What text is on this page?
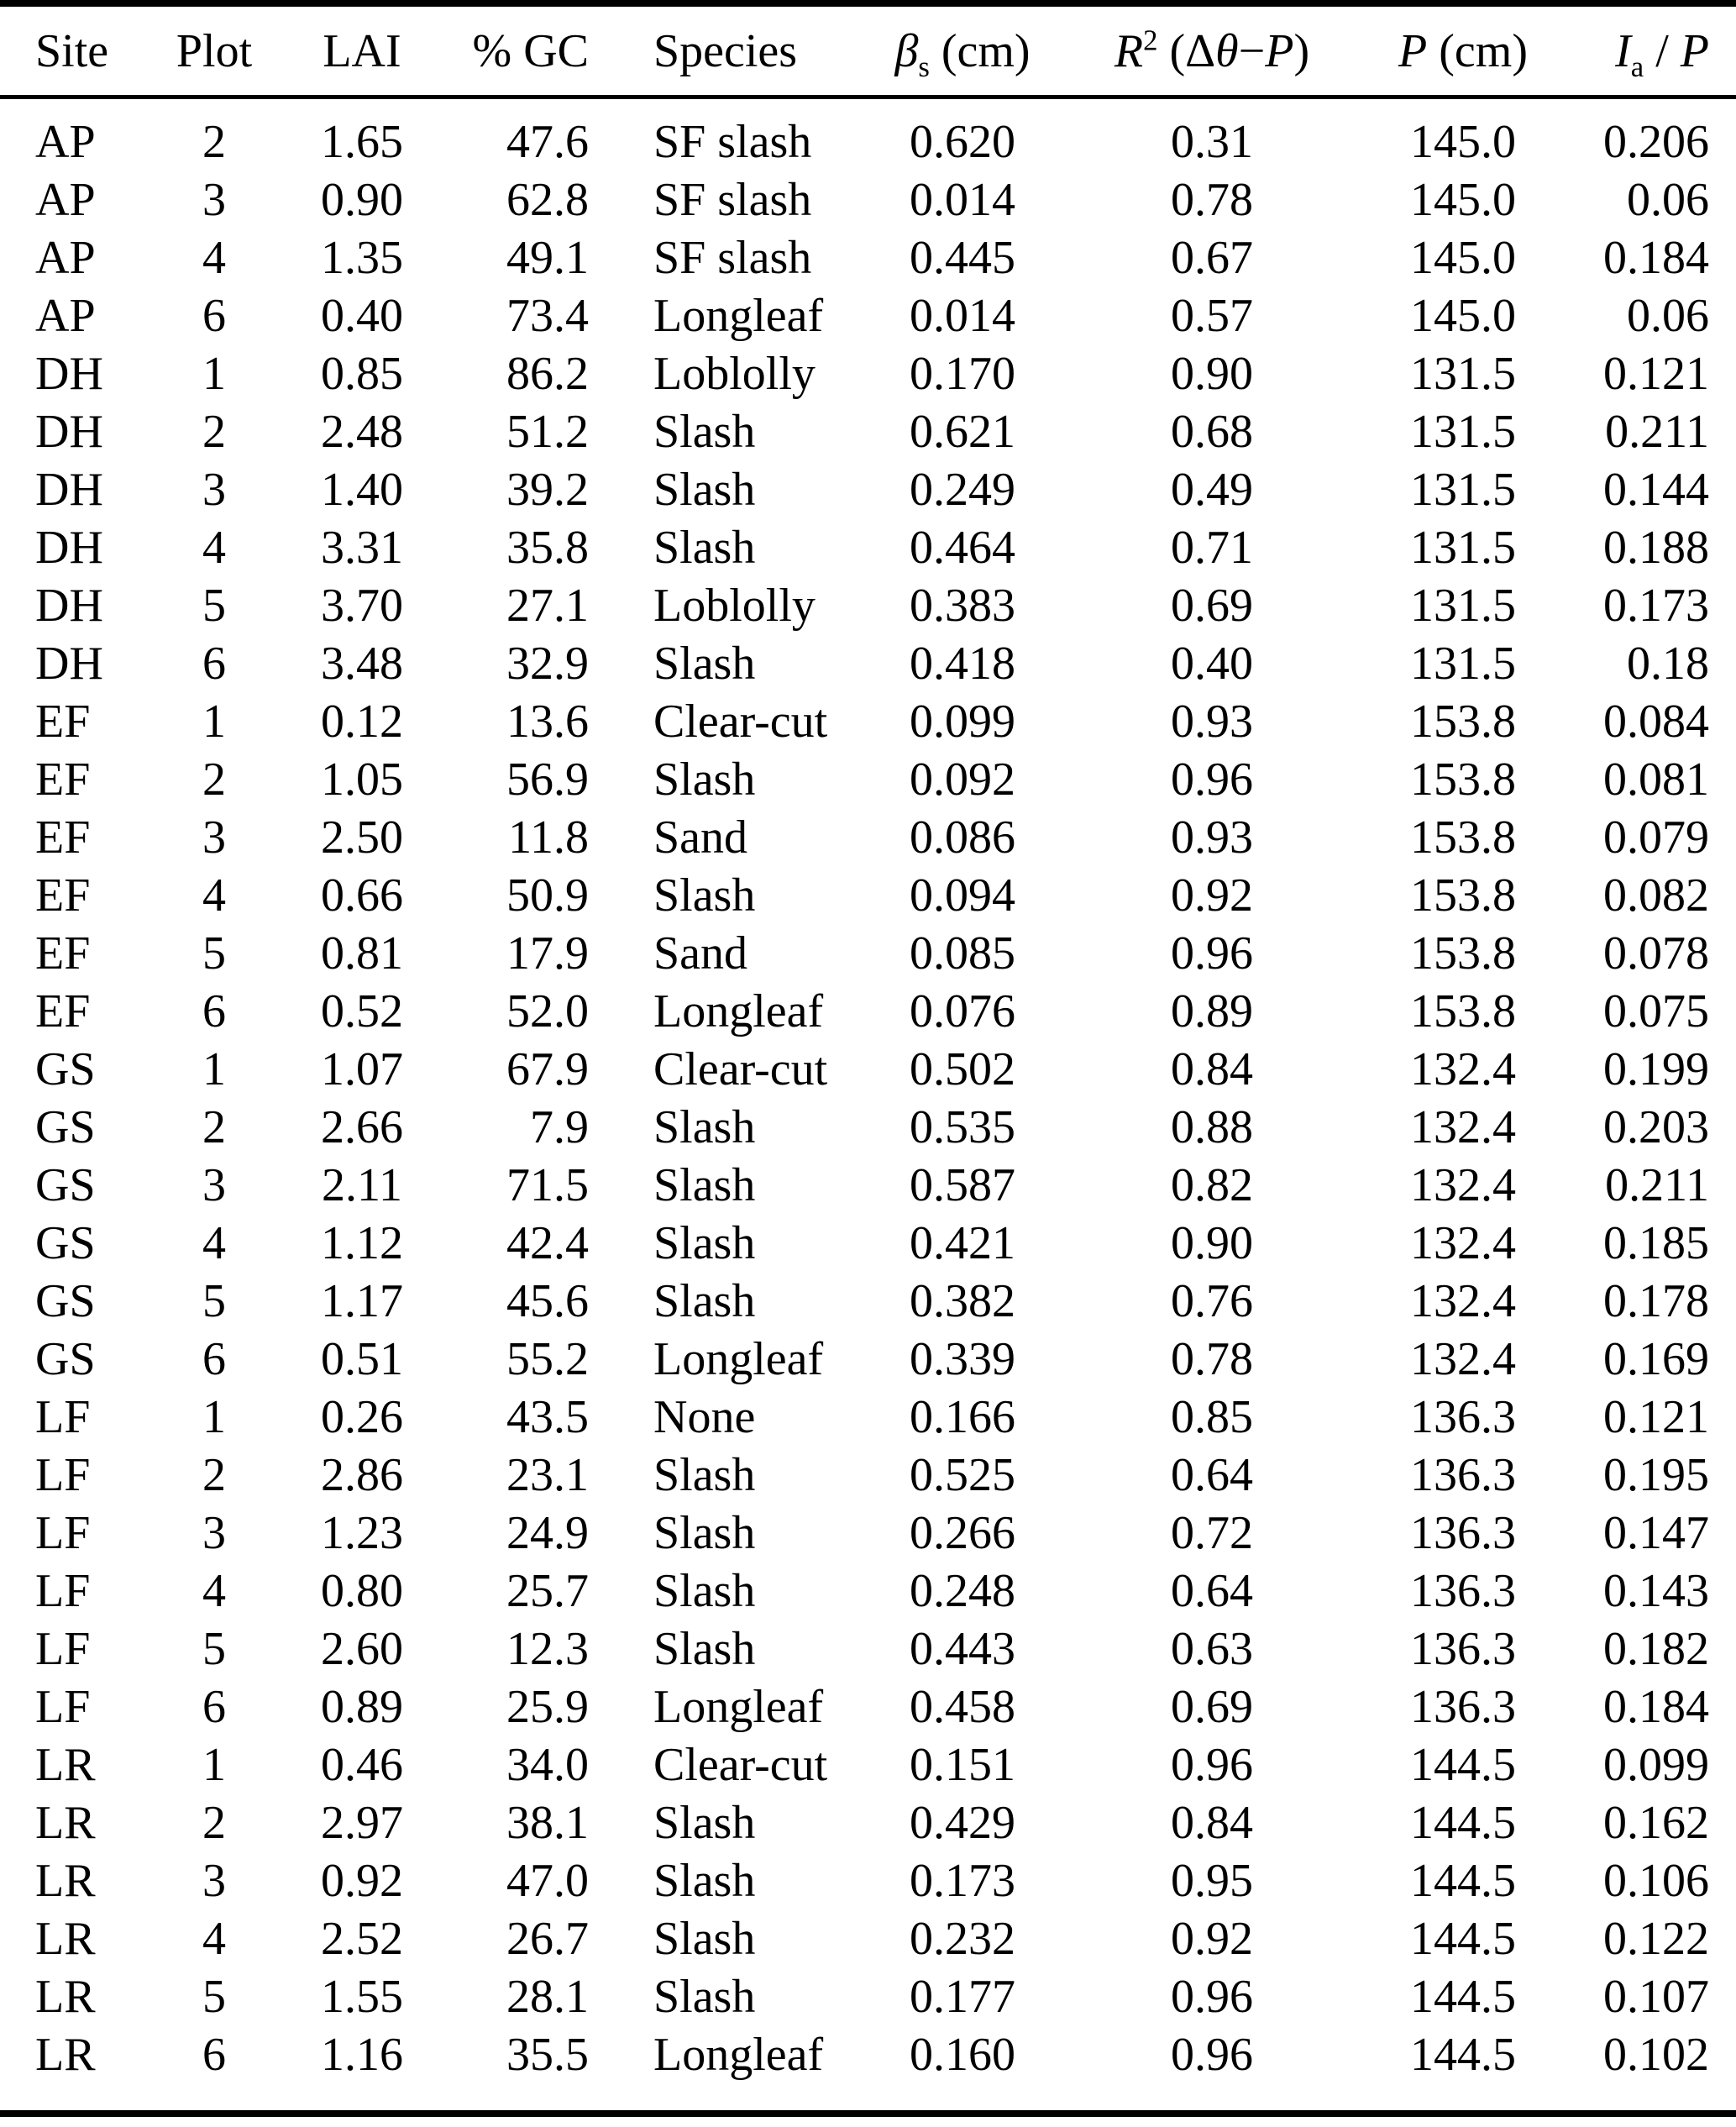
Site	Plot	LAI	% GC	Species	$\beta_s$ (cm)	$R^2$ (Δθ−P)	P (cm)	$I_a$ / P
AP	2	1.65	47.6	SF slash	0.620	0.31	145.0	0.206
AP	3	0.90	62.8	SF slash	0.014	0.78	145.0	0.06
AP	4	1.35	49.1	SF slash	0.445	0.67	145.0	0.184
AP	6	0.40	73.4	Longleaf	0.014	0.57	145.0	0.06
DH	1	0.85	86.2	Loblolly	0.170	0.90	131.5	0.121
DH	2	2.48	51.2	Slash	0.621	0.68	131.5	0.211
DH	3	1.40	39.2	Slash	0.249	0.49	131.5	0.144
DH	4	3.31	35.8	Slash	0.464	0.71	131.5	0.188
DH	5	3.70	27.1	Loblolly	0.383	0.69	131.5	0.173
DH	6	3.48	32.9	Slash	0.418	0.40	131.5	0.18
EF	1	0.12	13.6	Clear-cut	0.099	0.93	153.8	0.084
EF	2	1.05	56.9	Slash	0.092	0.96	153.8	0.081
EF	3	2.50	11.8	Sand	0.086	0.93	153.8	0.079
EF	4	0.66	50.9	Slash	0.094	0.92	153.8	0.082
EF	5	0.81	17.9	Sand	0.085	0.96	153.8	0.078
EF	6	0.52	52.0	Longleaf	0.076	0.89	153.8	0.075
GS	1	1.07	67.9	Clear-cut	0.502	0.84	132.4	0.199
GS	2	2.66	7.9	Slash	0.535	0.88	132.4	0.203
GS	3	2.11	71.5	Slash	0.587	0.82	132.4	0.211
GS	4	1.12	42.4	Slash	0.421	0.90	132.4	0.185
GS	5	1.17	45.6	Slash	0.382	0.76	132.4	0.178
GS	6	0.51	55.2	Longleaf	0.339	0.78	132.4	0.169
LF	1	0.26	43.5	None	0.166	0.85	136.3	0.121
LF	2	2.86	23.1	Slash	0.525	0.64	136.3	0.195
LF	3	1.23	24.9	Slash	0.266	0.72	136.3	0.147
LF	4	0.80	25.7	Slash	0.248	0.64	136.3	0.143
LF	5	2.60	12.3	Slash	0.443	0.63	136.3	0.182
LF	6	0.89	25.9	Longleaf	0.458	0.69	136.3	0.184
LR	1	0.46	34.0	Clear-cut	0.151	0.96	144.5	0.099
LR	2	2.97	38.1	Slash	0.429	0.84	144.5	0.162
LR	3	0.92	47.0	Slash	0.173	0.95	144.5	0.106
LR	4	2.52	26.7	Slash	0.232	0.92	144.5	0.122
LR	5	1.55	28.1	Slash	0.177	0.96	144.5	0.107
LR	6	1.16	35.5	Longleaf	0.160	0.96	144.5	0.102
